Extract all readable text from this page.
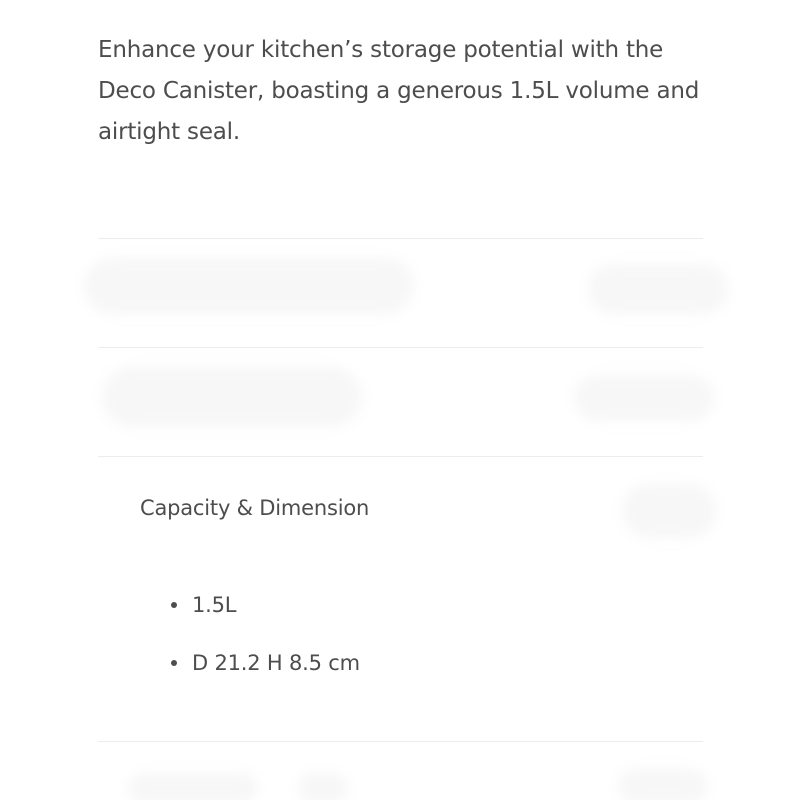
Enhance your kitchen’s storage potential with the Deco Canister, boasting a generous 1.5L volume and airtight seal.

Capacity & Dimension
1.5L
D 21.2 H 8.5 cm
